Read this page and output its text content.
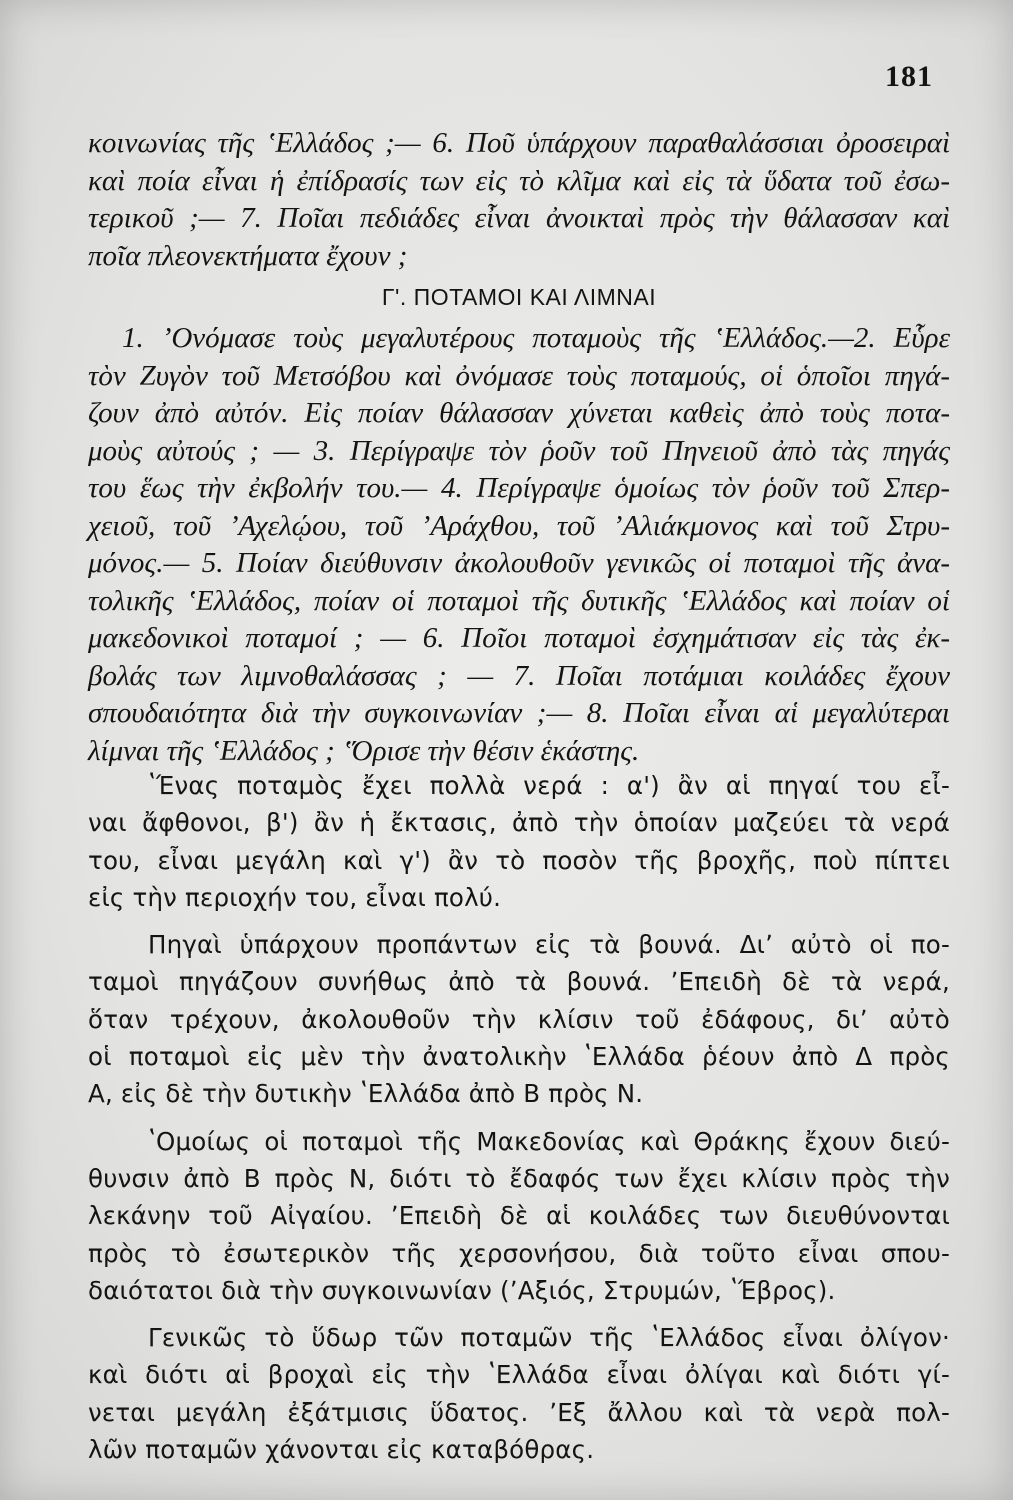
181

κοινωνίας τῆς ʽΕλλάδος ;— 6. Ποῦ ὑπάρχουν παραθαλάσσιαι ὀροσειραὶ
καὶ ποία εἶναι ἡ ἐπίδρασίς των εἰς τὸ κλῖμα καὶ εἰς τὰ ὕδατα τοῦ ἐσω-
τερικοῦ ;— 7. Ποῖαι πεδιάδες εἶναι ἀνοικταὶ πρὸς τὴν θάλασσαν καὶ
ποῖα πλεονεκτήματα ἔχουν ;

Γ'. ΠΟΤΑΜΟΙ ΚΑΙ ΛΙΜΝΑΙ

1. ʼΟνόμασε τοὺς μεγαλυτέρους ποταμοὺς τῆς ʽΕλλάδος.—2. Εὗρε
τὸν Ζυγὸν τοῦ Μετσόβου καὶ ὀνόμασε τοὺς ποταμούς, οἱ ὁποῖοι πηγά-
ζουν ἀπὸ αὐτόν. Εἰς ποίαν θάλασσαν χύνεται καθεὶς ἀπὸ τοὺς ποτα-
μοὺς αὐτούς ; — 3. Περίγραψε τὸν ῥοῦν τοῦ Πηνειοῦ ἀπὸ τὰς πηγάς
του ἕως τὴν ἐκβολήν του.— 4. Περίγραψε ὁμοίως τὸν ῥοῦν τοῦ Σπερ-
χειοῦ, τοῦ ʼΑχελῴου, τοῦ ʼΑράχθου, τοῦ ʼΑλιάκμονος καὶ τοῦ Στρυ-
μόνος.— 5. Ποίαν διεύθυνσιν ἀκολουθοῦν γενικῶς οἱ ποταμοὶ τῆς ἀνα-
τολικῆς ʽΕλλάδος, ποίαν οἱ ποταμοὶ τῆς δυτικῆς ʽΕλλάδος καὶ ποίαν οἱ
μακεδονικοὶ ποταμοί ; — 6. Ποῖοι ποταμοὶ ἐσχημάτισαν εἰς τὰς ἐκ-
βολάς των λιμνοθαλάσσας ; — 7. Ποῖαι ποτάμιαι κοιλάδες ἔχουν
σπουδαιότητα διὰ τὴν συγκοινωνίαν ;— 8. Ποῖαι εἶναι αἱ μεγαλύτεραι
λίμναι τῆς ʽΕλλάδος ; ʽΌρισε τὴν θέσιν ἑκάστης.

ʽΈνας ποταμὸς ἔχει πολλὰ νερά : α') ἂν αἱ πηγαί του εἶ-
ναι ἄφθονοι, β') ἂν ἡ ἔκτασις, ἀπὸ τὴν ὁποίαν μαζεύει τὰ νερά
του, εἶναι μεγάλη καὶ γ') ἂν τὸ ποσὸν τῆς βροχῆς, ποὺ πίπτει
εἰς τὴν περιοχήν του, εἶναι πολύ.

Πηγαὶ ὑπάρχουν προπάντων εἰς τὰ βουνά. Διʼ αὐτὸ οἱ πο-
ταμοὶ πηγάζουν συνήθως ἀπὸ τὰ βουνά. ʼΕπειδὴ δὲ τὰ νερά,
ὅταν τρέχουν, ἀκολουθοῦν τὴν κλίσιν τοῦ ἐδάφους, διʼ αὐτὸ
οἱ ποταμοὶ εἰς μὲν τὴν ἀνατολικὴν ʽΕλλάδα ῥέουν ἀπὸ Δ πρὸς
Α, εἰς δὲ τὴν δυτικὴν ʽΕλλάδα ἀπὸ Β πρὸς Ν.

ʽΟμοίως οἱ ποταμοὶ τῆς Μακεδονίας καὶ Θράκης ἔχουν διεύ-
θυνσιν ἀπὸ Β πρὸς Ν, διότι τὸ ἔδαφός των ἔχει κλίσιν πρὸς τὴν
λεκάνην τοῦ Αἰγαίου. ʼΕπειδὴ δὲ αἱ κοιλάδες των διευθύνονται
πρὸς τὸ ἐσωτερικὸν τῆς χερσονήσου, διὰ τοῦτο εἶναι σπου-
δαιότατοι διὰ τὴν συγκοινωνίαν (ʼΑξιός, Στρυμών, ʽΈβρος).

Γενικῶς τὸ ὕδωρ τῶν ποταμῶν τῆς ʽΕλλάδος εἶναι ὀλίγον·
καὶ διότι αἱ βροχαὶ εἰς τὴν ʽΕλλάδα εἶναι ὀλίγαι καὶ διότι γί-
νεται μεγάλη ἐξάτμισις ὕδατος. ʼΕξ ἄλλου καὶ τὰ νερὰ πολ-
λῶν ποταμῶν χάνονται εἰς καταβόθρας.
